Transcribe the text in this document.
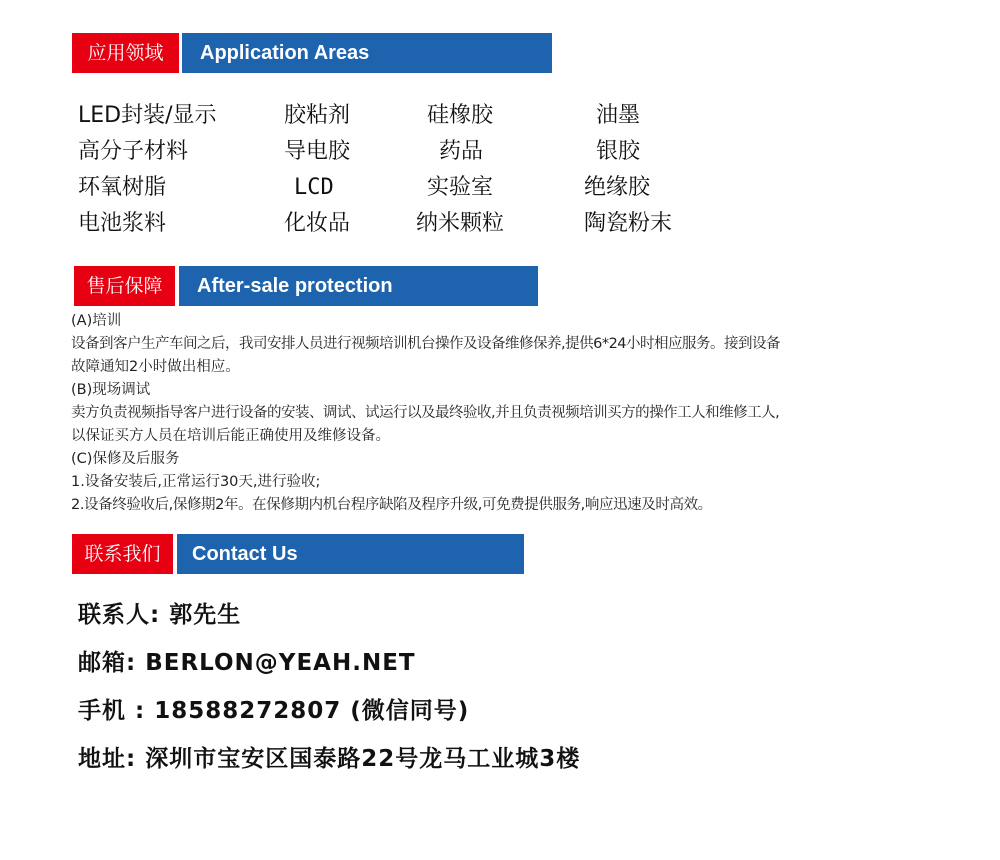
应用领域	Application Areas
LED封装/显示	胶粘剂	硅橡胶	油墨
高分子材料	导电胶	药品	银胶
环氧树脂	LCD	实验室	绝缘胶
电池浆料	化妆品	纳米颗粒	陶瓷粉末
售后保障	After-sale protection
(A)培训
设备到客户生产车间之后，我司安排人员进行视频培训机台操作及设备维修保养,提供6*24小时相应服务。接到设备
故障通知2小时做出相应。
(B)现场调试
卖方负责视频指导客户进行设备的安装、调试、试运行以及最终验收,并且负责视频培训买方的操作工人和维修工人,
以保证买方人员在培训后能正确使用及维修设备。
(C)保修及后服务
1.设备安装后,正常运行30天,进行验收;
2.设备终验收后,保修期2年。在保修期内机台程序缺陷及程序升级,可免费提供服务,响应迅速及时高效。
联系我们	Contact Us
联系人: 郭先生
邮箱: BERLON@YEAH.NET
手机 : 18588272807 (微信同号)
地址: 深圳市宝安区国泰路22号龙马工业城3楼
